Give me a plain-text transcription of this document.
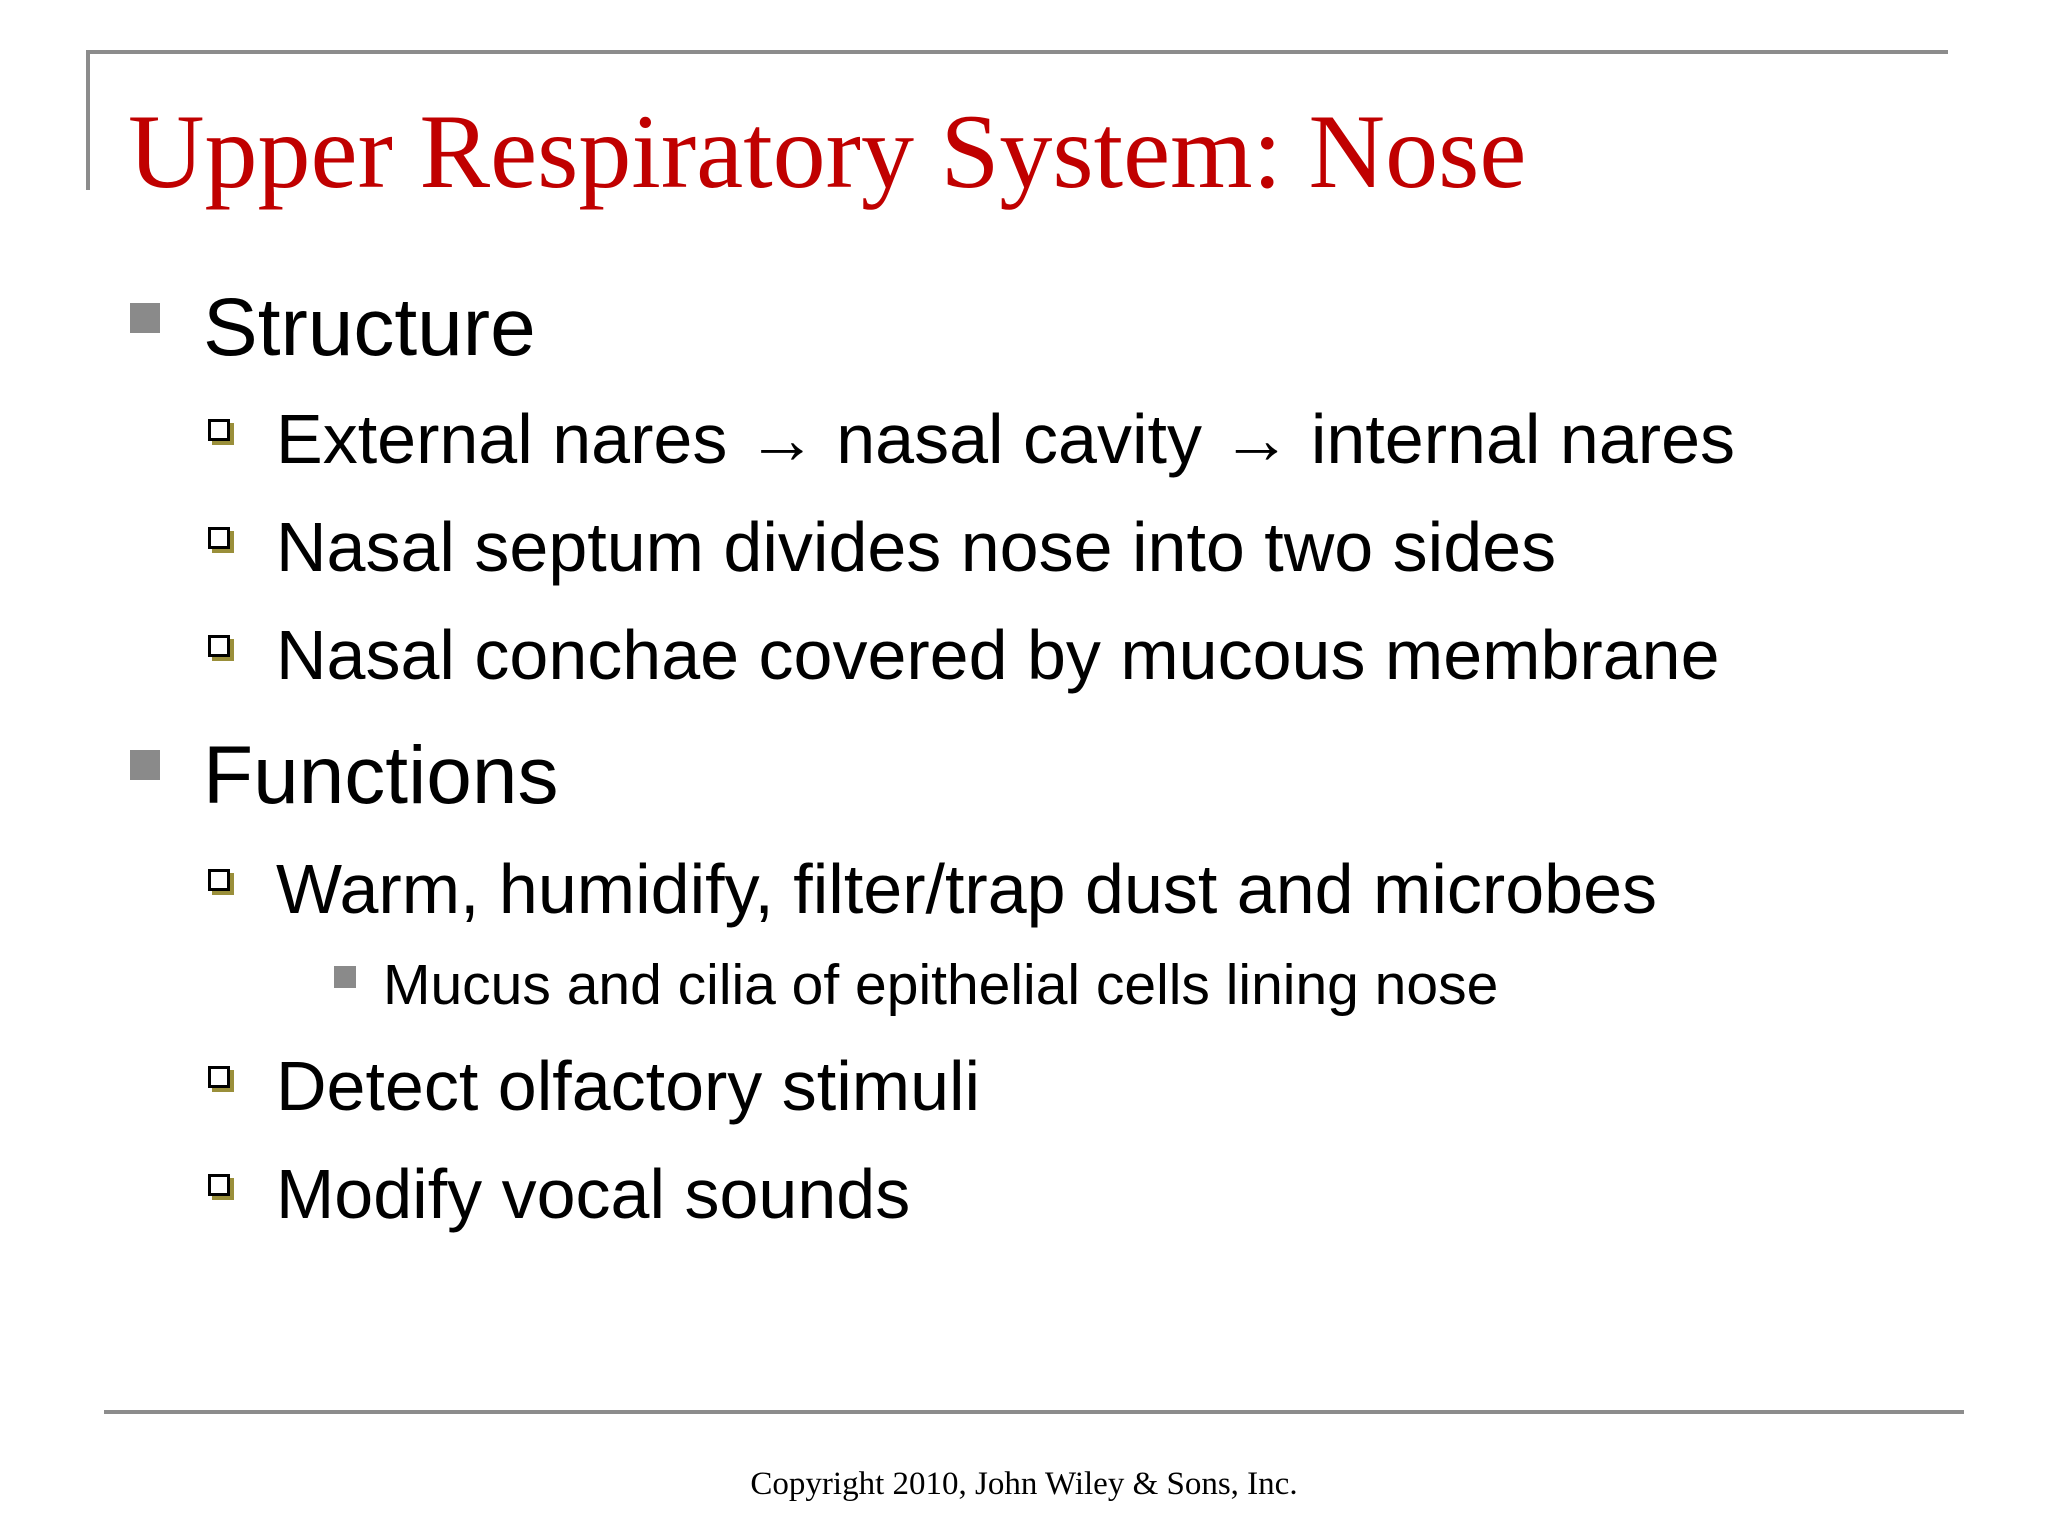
Upper Respiratory System: Nose
Structure
External nares → nasal cavity → internal nares
Nasal septum divides nose into two sides
Nasal conchae covered by mucous membrane
Functions
Warm, humidify, filter/trap dust and microbes
Mucus and cilia of epithelial cells lining nose
Detect olfactory stimuli
Modify vocal sounds
Copyright 2010, John Wiley & Sons, Inc.
